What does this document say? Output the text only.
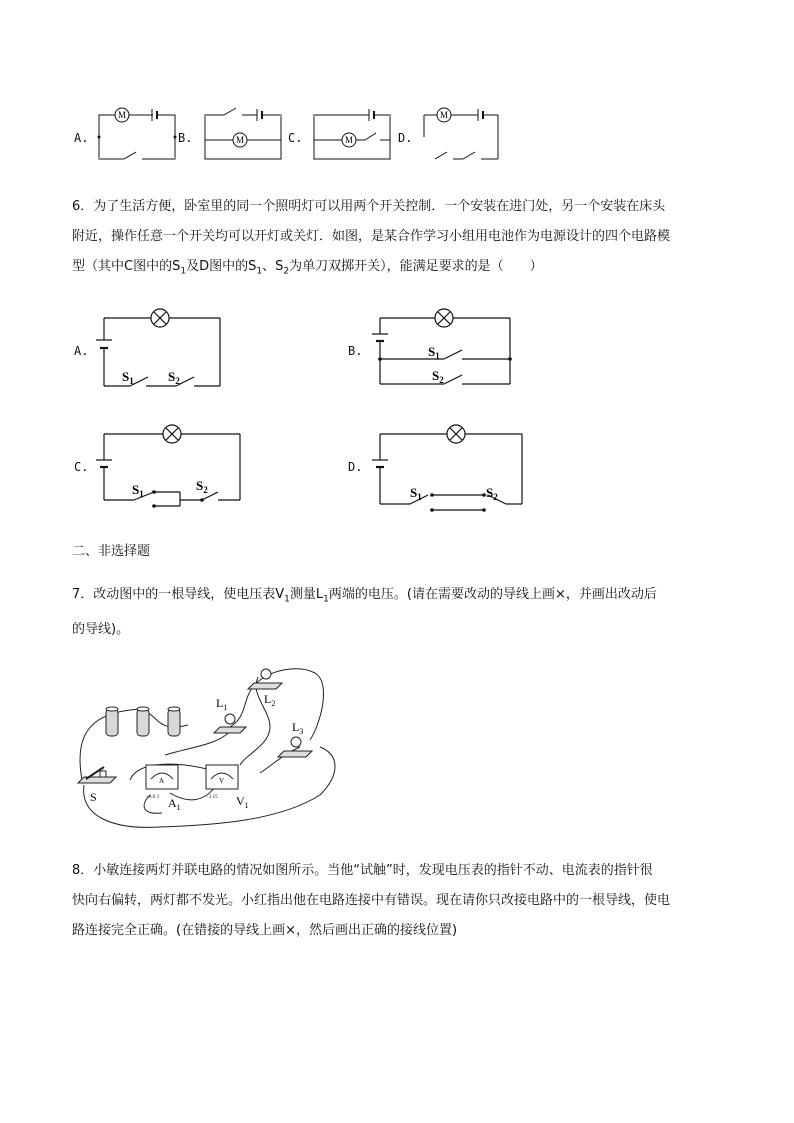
A.
M
B.	M	C.	M	D.
M
6．为了生活方便，卧室里的同一个照明灯可以用两个开关控制．一个安装在进门处，另一个安装在床头
附近，操作任意一个开关均可以开灯或关灯．如图，是某合作学习小组用电池作为电源设计的四个电路模
型（其中C图中的$S_1$及D图中的$S_1$、$S_2$为单刀双掷开关），能满足要求的是（　　）
A.
$S_1$	$S_2$
B.	$S_1$
$S_2$
C.
$S_1$
$S_2$
D.
$S_1$	$S_2$
二、非选择题
7．改动图中的一根导线，使电压表$V_1$测量$L_1$两端的电压。(请在需要改动的导线上画×，并画出改动后
的导线)。
S
$L_1$
$L_2$
$L_3$
A
- 0.6 3 $A_1$
V
- 3 15 $V_1$
8．小敏连接两灯并联电路的情况如图所示。当他“试触”时，发现电压表的指针不动、电流表的指针很
快向右偏转，两灯都不发光。小红指出他在电路连接中有错误。现在请你只改接电路中的一根导线，使电
路连接完全正确。(在错接的导线上画×，然后画出正确的接线位置)
